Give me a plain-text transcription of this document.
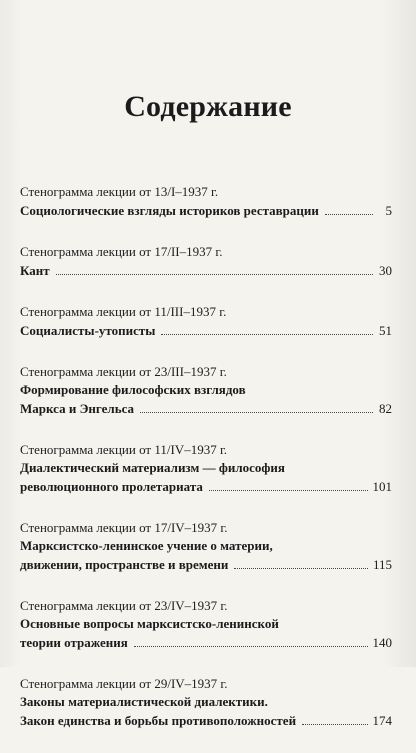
Содержание
Стенограмма лекции от 13/I–1937 г.
Социологические взгляды историков реставрации	5
Стенограмма лекции от 17/II–1937 г.
Кант	30
Стенограмма лекции от 11/III–1937 г.
Социалисты-утописты	51
Стенограмма лекции от 23/III–1937 г.
Формирование философских взглядов
Маркса и Энгельса	82
Стенограмма лекции от 11/IV–1937 г.
Диалектический материализм — философия
революционного пролетариата	101
Стенограмма лекции от 17/IV–1937 г.
Марксистско-ленинское учение о материи,
движении, пространстве и времени	115
Стенограмма лекции от 23/IV–1937 г.
Основные вопросы марксистско-ленинской
теории отражения	140
Стенограмма лекции от 29/IV–1937 г.
Законы материалистической диалектики.
Закон единства и борьбы противоположностей	174
